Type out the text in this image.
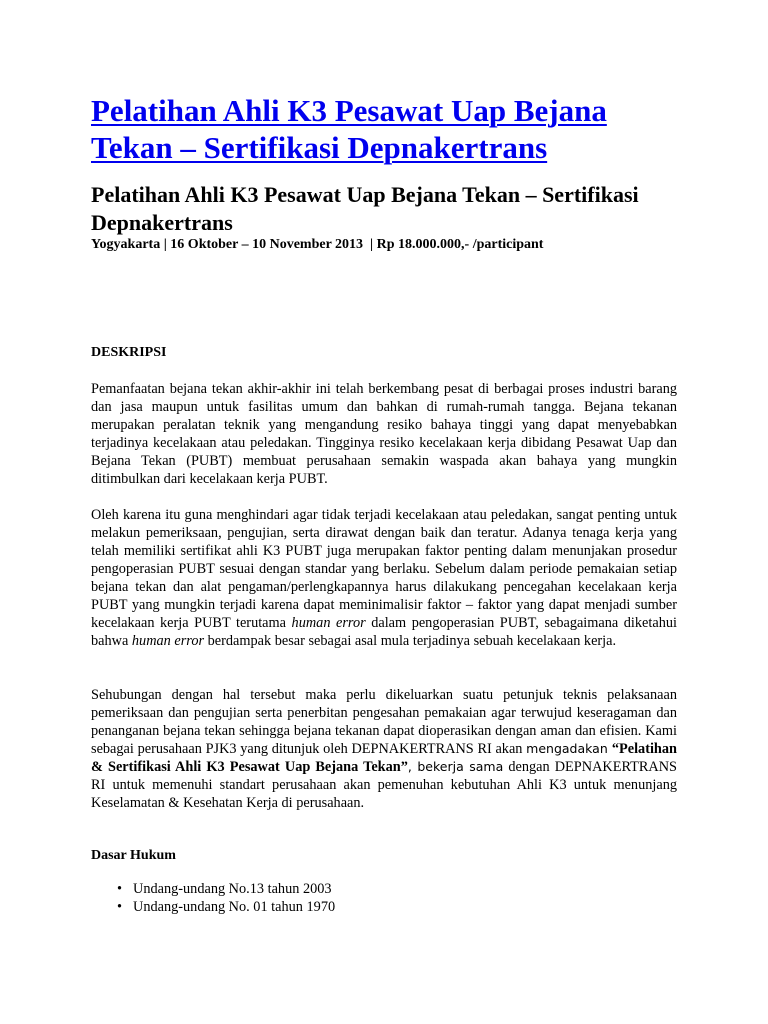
Pelatihan Ahli K3 Pesawat Uap Bejana Tekan – Sertifikasi Depnakertrans
Pelatihan Ahli K3 Pesawat Uap Bejana Tekan – Sertifikasi Depnakertrans

Yogyakarta | 16 Oktober – 10 November 2013  | Rp 18.000.000,- /participant

DESKRIPSI

Pemanfaatan bejana tekan akhir-akhir ini telah berkembang pesat di berbagai proses industri barang dan jasa maupun untuk fasilitas umum dan bahkan di rumah-rumah tangga. Bejana tekanan merupakan peralatan teknik yang mengandung resiko bahaya tinggi yang dapat menyebabkan terjadinya kecelakaan atau peledakan. Tingginya resiko kecelakaan kerja dibidang Pesawat Uap dan Bejana Tekan (PUBT) membuat perusahaan semakin waspada akan bahaya yang mungkin ditimbulkan dari kecelakaan kerja PUBT.

Oleh karena itu guna menghindari agar tidak terjadi kecelakaan atau peledakan, sangat penting untuk melakun pemeriksaan, pengujian, serta dirawat dengan baik dan teratur. Adanya tenaga kerja yang telah memiliki sertifikat ahli K3 PUBT juga merupakan faktor penting dalam menunjakan prosedur pengoperasian PUBT sesuai dengan standar yang berlaku. Sebelum dalam periode pemakaian setiap bejana tekan dan alat pengaman/perlengkapannya harus dilakukang pencegahan kecelakaan kerja PUBT yang mungkin terjadi karena dapat meminimalisir faktor – faktor yang dapat menjadi sumber kecelakaan kerja PUBT terutama human error dalam pengoperasian PUBT, sebagaimana diketahui bahwa human error berdampak besar sebagai asal mula terjadinya sebuah kecelakaan kerja.

Sehubungan dengan hal tersebut maka perlu dikeluarkan suatu petunjuk teknis pelaksanaan pemeriksaan dan pengujian serta penerbitan pengesahan pemakaian agar terwujud keseragaman dan penanganan bejana tekan sehingga bejana tekanan dapat dioperasikan dengan aman dan efisien. Kami sebagai perusahaan PJK3 yang ditunjuk oleh DEPNAKERTRANS RI akan mengadakan “Pelatihan & Sertifikasi Ahli K3 Pesawat Uap Bejana Tekan”, bekerja sama dengan DEPNAKERTRANS RI untuk memenuhi standart perusahaan akan pemenuhan kebutuhan Ahli K3 untuk menunjang Keselamatan & Kesehatan Kerja di perusahaan.

Dasar Hukum

• Undang-undang No.13 tahun 2003
• Undang-undang No. 01 tahun 1970
